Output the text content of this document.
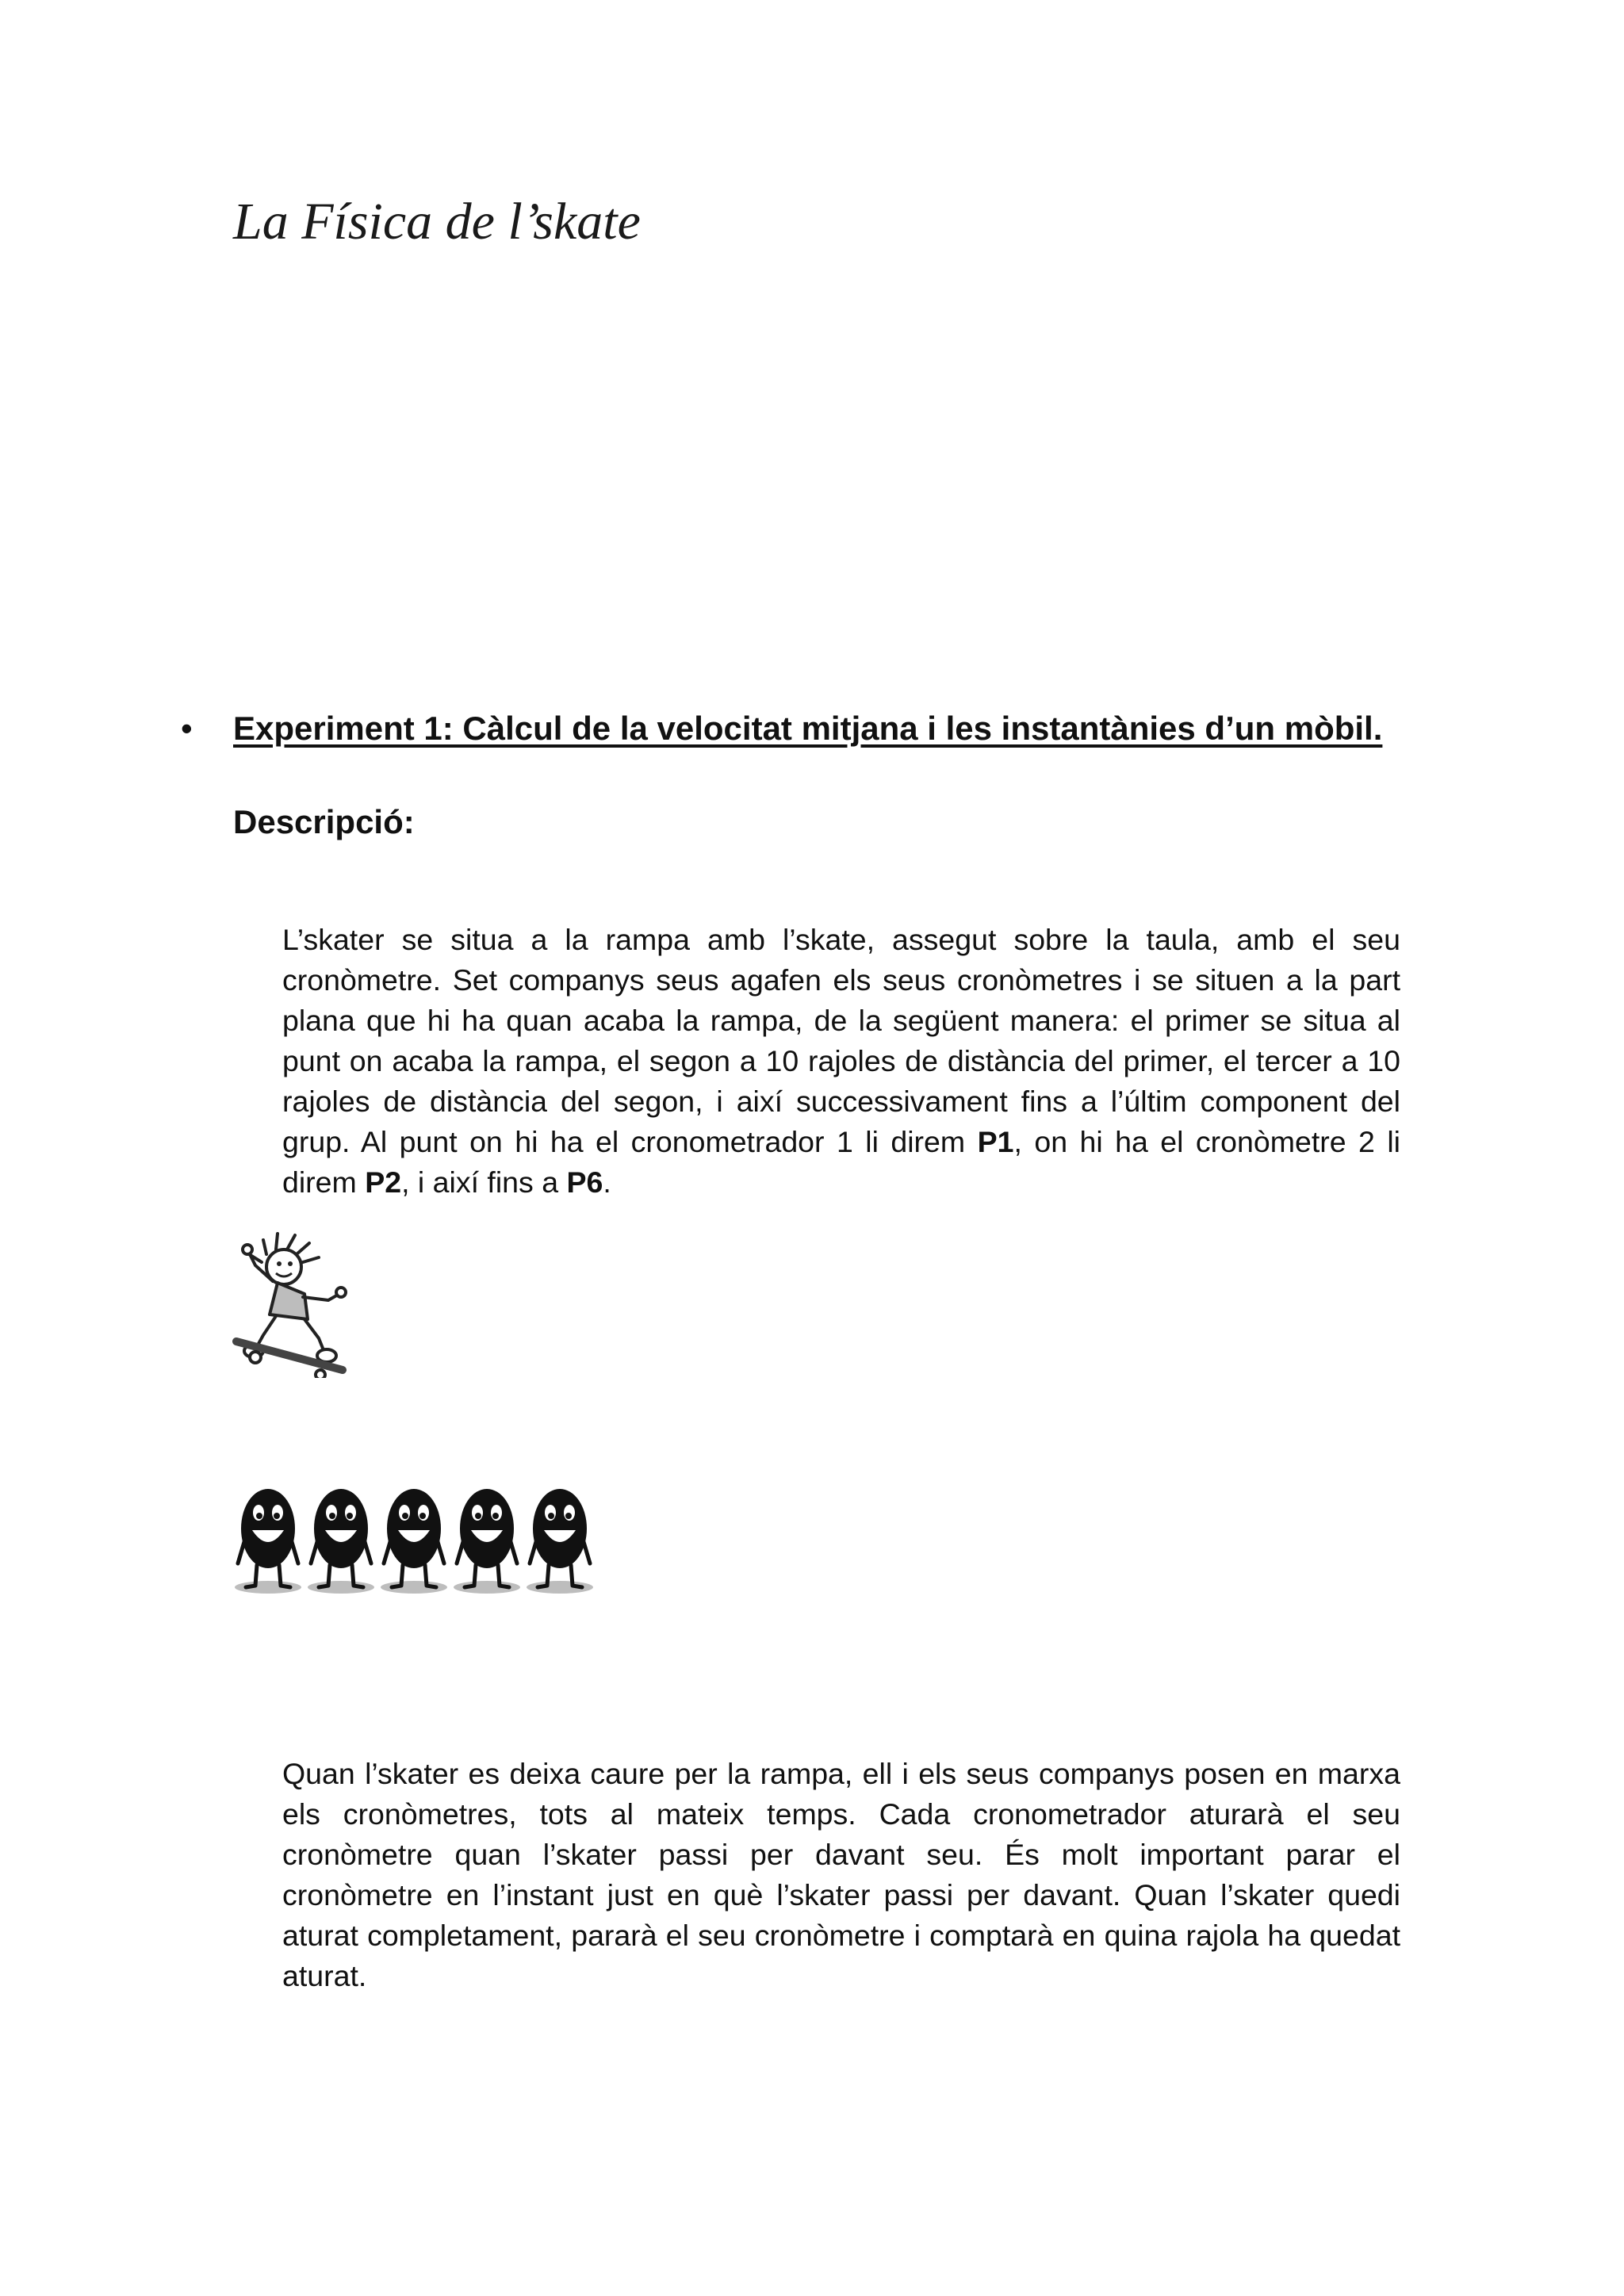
La Física de l’skate
• Experiment 1: Càlcul de la velocitat mitjana i les instantànies d’un mòbil.
Descripció:

L’skater se situa a la rampa amb l’skate, assegut sobre la taula, amb el seu cronòmetre. Set companys seus agafen els seus cronòmetres i se situen a la part plana que hi ha quan acaba la rampa, de la següent manera: el primer se situa al punt on acaba la rampa, el segon a 10 rajoles de distància del primer, el tercer a 10 rajoles de distància del segon, i així successivament fins a l’últim component del grup. Al punt on hi ha el cronometrador 1 li direm P1, on hi ha el cronòmetre 2 li direm P2, i així fins a P6.

Quan l’skater es deixa caure per la rampa, ell i els seus companys posen en marxa els cronòmetres, tots al mateix temps. Cada cronometrador aturarà el seu cronòmetre quan l’skater passi per davant seu. És molt important parar el cronòmetre en l’instant just en què l’skater passi per davant. Quan l’skater quedi aturat completament, pararà el seu cronòmetre i comptarà en quina rajola ha quedat aturat.
